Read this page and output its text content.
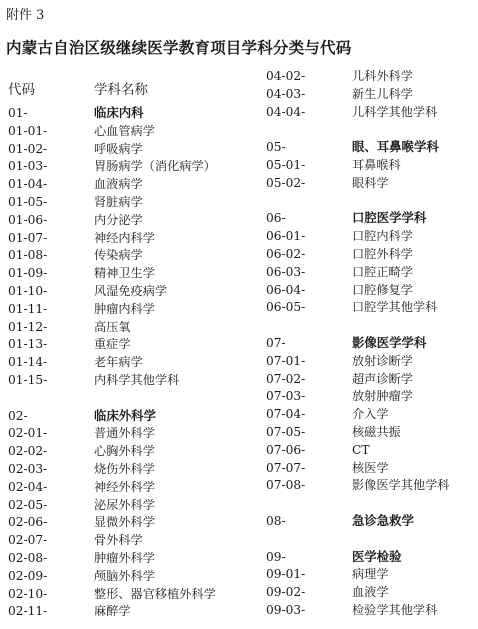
附件 3
内蒙古自治区级继续医学教育项目学科分类与代码
代码	学科名称
01-	临床内科
01-01-	心血管病学
01-02-	呼吸病学
01-03-	胃肠病学（消化病学）
01-04-	血液病学
01-05-	肾脏病学
01-06-	内分泌学
01-07-	神经内科学
01-08-	传染病学
01-09-	精神卫生学
01-10-	风湿免疫病学
01-11-	肿瘤内科学
01-12-	高压氧
01-13-	重症学
01-14-	老年病学
01-15-	内科学其他学科
02-	临床外科学
02-01-	普通外科学
02-02-	心胸外科学
02-03-	烧伤外科学
02-04-	神经外科学
02-05-	泌尿外科学
02-06-	显微外科学
02-07-	骨外科学
02-08-	肿瘤外科学
02-09-	颅脑外科学
02-10-	整形、器官移植外科学
02-11-	麻醉学
04-02-	儿科外科学
04-03-	新生儿科学
04-04-	儿科学其他学科
05-	眼、耳鼻喉学科
05-01-	耳鼻喉科
05-02-	眼科学
06-	口腔医学学科
06-01-	口腔内科学
06-02-	口腔外科学
06-03-	口腔正畸学
06-04-	口腔修复学
06-05-	口腔学其他学科
07-	影像医学学科
07-01-	放射诊断学
07-02-	超声诊断学
07-03-	放射肿瘤学
07-04-	介入学
07-05-	核磁共振
07-06-	CT
07-07-	核医学
07-08-	影像医学其他学科
08-	急诊急救学
09-	医学检验
09-01-	病理学
09-02-	血液学
09-03-	检验学其他学科
